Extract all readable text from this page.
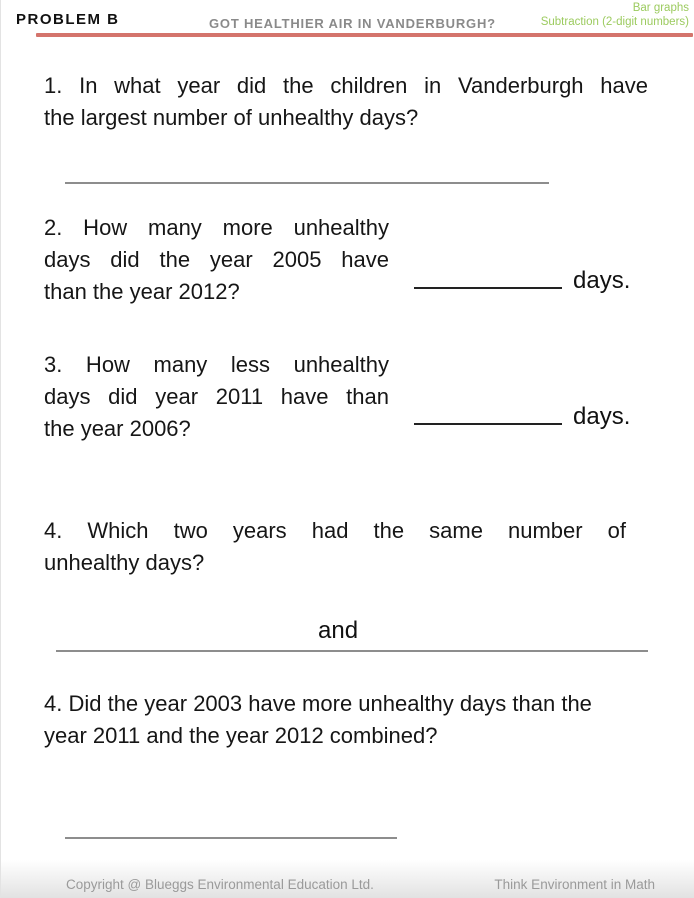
PROBLEM B	GOT HEALTHIER AIR IN VANDERBURGH?
Bar graphs
Subtraction (2-digit numbers)
1. In what year did the children in Vanderburgh have
the largest number of unhealthy days?
2. How many more unhealthy
days did the year 2005 have
than the year 2012?	days.
3. How many less unhealthy
days did year 2011 have than
the year 2006?	days.
4. Which two years had the same number of
unhealthy days?
and
4. Did the year 2003 have more unhealthy days than the
year 2011 and the year 2012 combined?
Copyright @ Blueggs Environmental Education Ltd.	Think Environment in Math
